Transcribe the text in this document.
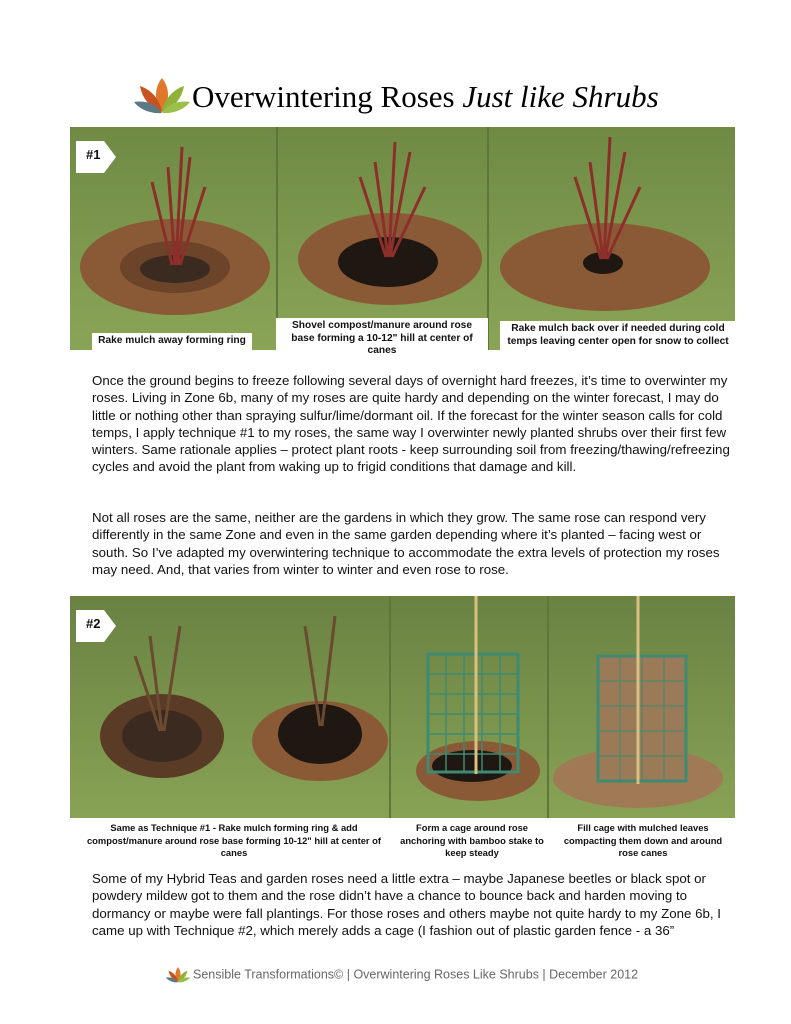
Overwintering Roses Just like Shrubs
#1
Rake mulch away forming ring
Shovel compost/manure around rose base forming a 10-12" hill at center of canes
Rake mulch back over if needed during cold temps leaving center open for snow to collect

Once the ground begins to freeze following several days of overnight hard freezes, it’s time to overwinter my roses. Living in Zone 6b, many of my roses are quite hardy and depending on the winter forecast, I may do little or nothing other than spraying sulfur/lime/dormant oil. If the forecast for the winter season calls for cold temps, I apply technique #1 to my roses, the same way I overwinter newly planted shrubs over their first few winters. Same rationale applies – protect plant roots - keep surrounding soil from freezing/thawing/refreezing cycles and avoid the plant from waking up to frigid conditions that damage and kill.

Not all roses are the same, neither are the gardens in which they grow. The same rose can respond very differently in the same Zone and even in the same garden depending where it’s planted – facing west or south. So I’ve adapted my overwintering technique to accommodate the extra levels of protection my roses may need. And, that varies from winter to winter and even rose to rose.

#2
Same as Technique #1 - Rake mulch forming ring & add compost/manure around rose base forming 10-12" hill at center of canes
Form a cage around rose anchoring with bamboo stake to keep steady
Fill cage with mulched leaves compacting them down and around rose canes

Some of my Hybrid Teas and garden roses need a little extra – maybe Japanese beetles or black spot or powdery mildew got to them and the rose didn’t have a chance to bounce back and harden moving to dormancy or maybe were fall plantings. For those roses and others maybe not quite hardy to my Zone 6b, I came up with Technique #2, which merely adds a cage (I fashion out of plastic garden fence - a 36”

Sensible Transformations© | Overwintering Roses Like Shrubs | December 2012
